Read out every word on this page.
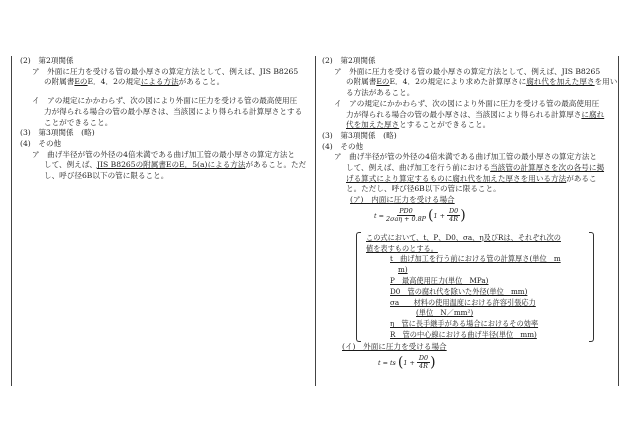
(2)　第2項関係

ア　外面に圧力を受ける管の最小厚さの算定方法として、例えば、JIS B8265

の附属書EのE．4．2の規定による方法があること。

イ　アの規定にかかわらず、次の図により外面に圧力を受ける管の最高使用圧

力が得られる場合の管の最小厚さは、当該図により得られる計算厚さとする

ことができること。

(3)　第3項関係　(略)

(4)　その他

ア　曲げ半径が管の外径の4倍未満である曲げ加工管の最小厚さの算定方法と

して、例えば、JIS B8265の附属書EのE．5(a)による方法があること。ただ

し、呼び径6B以下の管に限ること。

(2)　第2項関係

ア　外面に圧力を受ける管の最小厚さの算定方法として、例えば、JIS B8265

の附属書EのE．4．2の規定により求めた計算厚さに腐れ代を加えた厚さを用い

る方法があること。

イ　アの規定にかかわらず、次の図により外面に圧力を受ける管の最高使用圧

力が得られる場合の管の最小厚さは、当該図により得られる計算厚さに腐れ

代を加えた厚さとすることができること。

(3)　第3項関係　(略)

(4)　その他

ア　曲げ半径が管の外径の4倍未満である曲げ加工管の最小厚さの算定方法と

して、例えば、曲げ加工を行う前における当該管の計算厚さを次の各号に掲

げる算式により算定するものに腐れ代を加えた厚さを用いる方法があるこ

と。ただし、呼び径6B以下の管に限ること。

(ア)　内面に圧力を受ける場合

$t = \frac{PD0}{\text{2σaη + 0.8P}} (1 + \frac{D0}{4R}$ )

この式において、t、P、D0、σa、η及びRは、それぞれ次の

値を表すものとする。

t　曲げ加工を行う前における管の計算厚さ(単位　m

m)

P　最高使用圧力(単位　MPa)

D0　管の腐れ代を除いた外径(単位　mm)

σa　　材料の使用温度における許容引張応力

(単位　N／mm²)

η　管に長手継手がある場合におけるその効率

R　管の中心線における曲げ半径(単位　mm)

(イ)　外面に圧力を受ける場合

t = ts ($1 + \frac{D0}{4R}$ )
